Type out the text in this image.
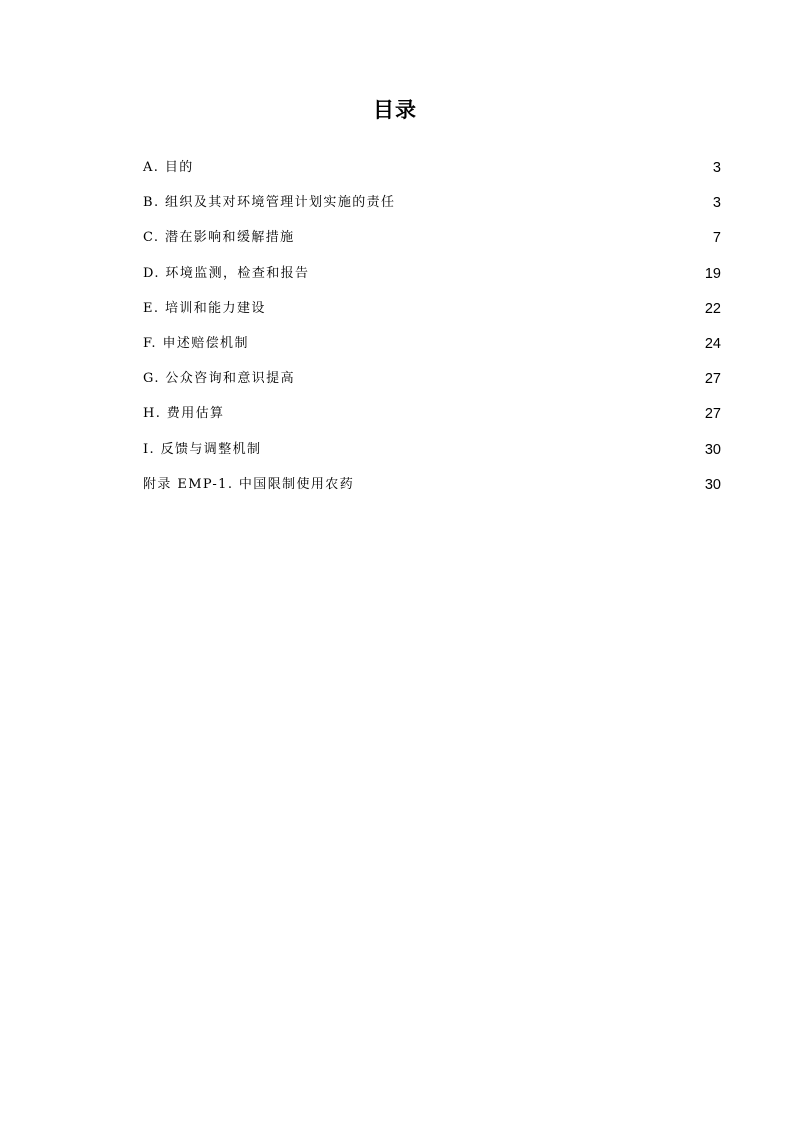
目录
A. 目的	3
B. 组织及其对环境管理计划实施的责任	3
C. 潜在影响和缓解措施	7
D. 环境监测，检查和报告	19
E. 培训和能力建设	22
F. 申述赔偿机制	24
G. 公众咨询和意识提高	27
H. 费用估算	27
I. 反馈与调整机制	30
附录 EMP-1. 中国限制使用农药	30
